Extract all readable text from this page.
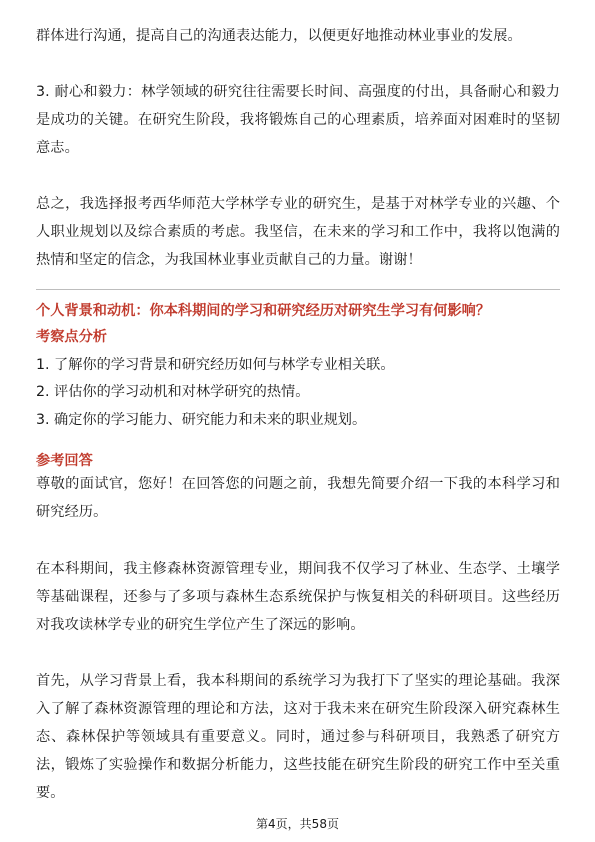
群体进行沟通，提高自己的沟通表达能力，以便更好地推动林业事业的发展。

3. 耐心和毅力：林学领域的研究往往需要长时间、高强度的付出，具备耐心和毅力是成功的关键。在研究生阶段，我将锻炼自己的心理素质，培养面对困难时的坚韧意志。

总之，我选择报考西华师范大学林学专业的研究生，是基于对林学专业的兴趣、个人职业规划以及综合素质的考虑。我坚信，在未来的学习和工作中，我将以饱满的热情和坚定的信念，为我国林业事业贡献自己的力量。谢谢！

个人背景和动机：你本科期间的学习和研究经历对研究生学习有何影响？

考察点分析

1. 了解你的学习背景和研究经历如何与林学专业相关联。

2. 评估你的学习动机和对林学研究的热情。

3. 确定你的学习能力、研究能力和未来的职业规划。

参考回答

尊敬的面试官，您好！在回答您的问题之前，我想先简要介绍一下我的本科学习和研究经历。

在本科期间，我主修森林资源管理专业，期间我不仅学习了林业、生态学、土壤学等基础课程，还参与了多项与森林生态系统保护与恢复相关的科研项目。这些经历对我攻读林学专业的研究生学位产生了深远的影响。

首先，从学习背景上看，我本科期间的系统学习为我打下了坚实的理论基础。我深入了解了森林资源管理的理论和方法，这对于我未来在研究生阶段深入研究森林生态、森林保护等领域具有重要意义。同时，通过参与科研项目，我熟悉了研究方法，锻炼了实验操作和数据分析能力，这些技能在研究生阶段的研究工作中至关重要。

第4页，共58页
